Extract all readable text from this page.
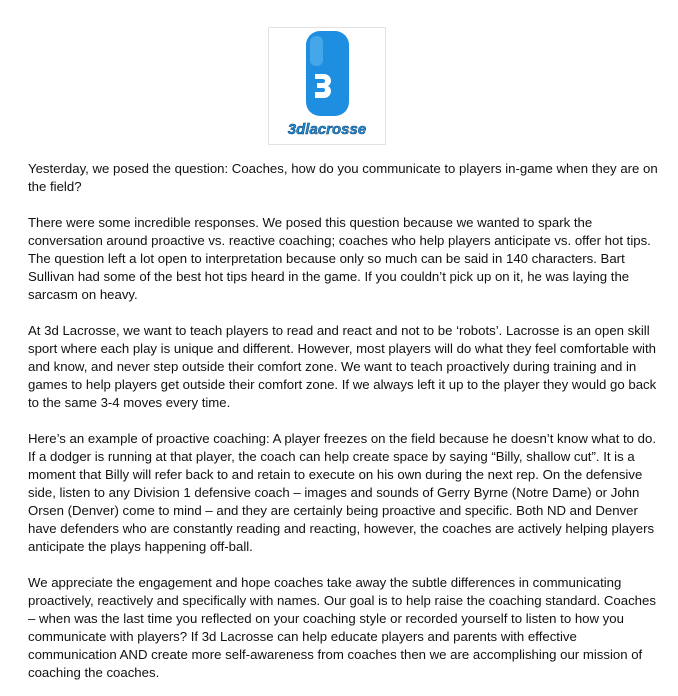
3dlacrosse

Yesterday, we posed the question: Coaches, how do you communicate to players in-game when they are on the field?

There were some incredible responses. We posed this question because we wanted to spark the conversation around proactive vs. reactive coaching; coaches who help players anticipate vs. offer hot tips. The question left a lot open to interpretation because only so much can be said in 140 characters. Bart Sullivan had some of the best hot tips heard in the game. If you couldn’t pick up on it, he was laying the sarcasm on heavy.

At 3d Lacrosse, we want to teach players to read and react and not to be ‘robots’. Lacrosse is an open skill sport where each play is unique and different. However, most players will do what they feel comfortable with and know, and never step outside their comfort zone. We want to teach proactively during training and in games to help players get outside their comfort zone. If we always left it up to the player they would go back to the same 3-4 moves every time.

Here’s an example of proactive coaching: A player freezes on the field because he doesn’t know what to do. If a dodger is running at that player, the coach can help create space by saying “Billy, shallow cut”. It is a moment that Billy will refer back to and retain to execute on his own during the next rep. On the defensive side, listen to any Division 1 defensive coach – images and sounds of Gerry Byrne (Notre Dame) or John Orsen (Denver) come to mind – and they are certainly being proactive and specific. Both ND and Denver have defenders who are constantly reading and reacting, however, the coaches are actively helping players anticipate the plays happening off-ball.

We appreciate the engagement and hope coaches take away the subtle differences in communicating proactively, reactively and specifically with names. Our goal is to help raise the coaching standard. Coaches – when was the last time you reflected on your coaching style or recorded yourself to listen to how you communicate with players? If 3d Lacrosse can help educate players and parents with effective communication AND create more self-awareness from coaches then we are accomplishing our mission of coaching the coaches.
